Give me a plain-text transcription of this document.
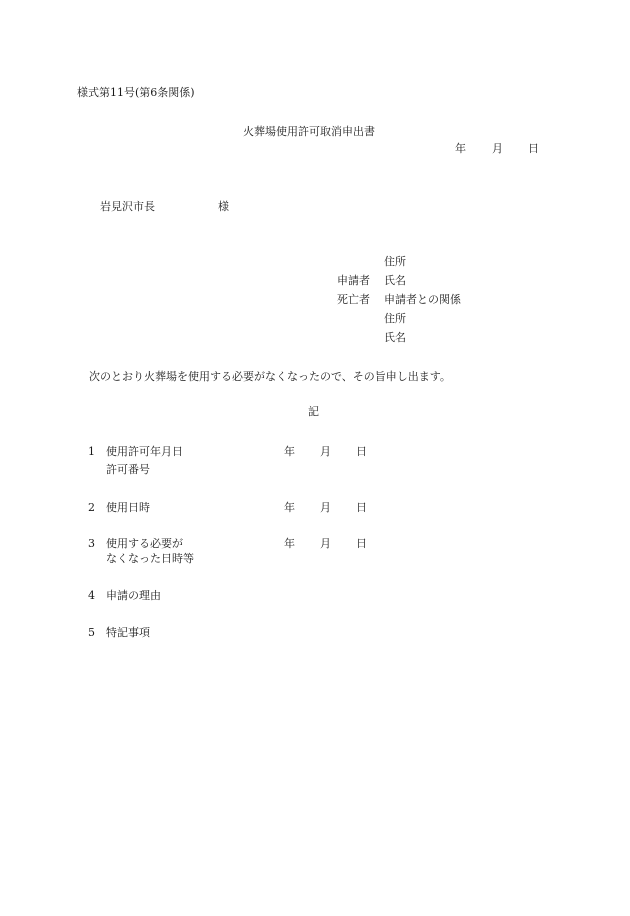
様式第11号(第6条関係)
火葬場使用許可取消申出書
年 月 日
岩見沢市長	様
住所
申請者 氏名
死亡者 申請者との関係
住所
氏名
次のとおり火葬場を使用する必要がなくなったので、その旨申し出ます。
記
1 使用許可年月日
許可番号
年 月 日
2 使用日時	年 月 日
3 使用する必要が
なくなった日時等
年 月 日
4 申請の理由
5 特記事項
